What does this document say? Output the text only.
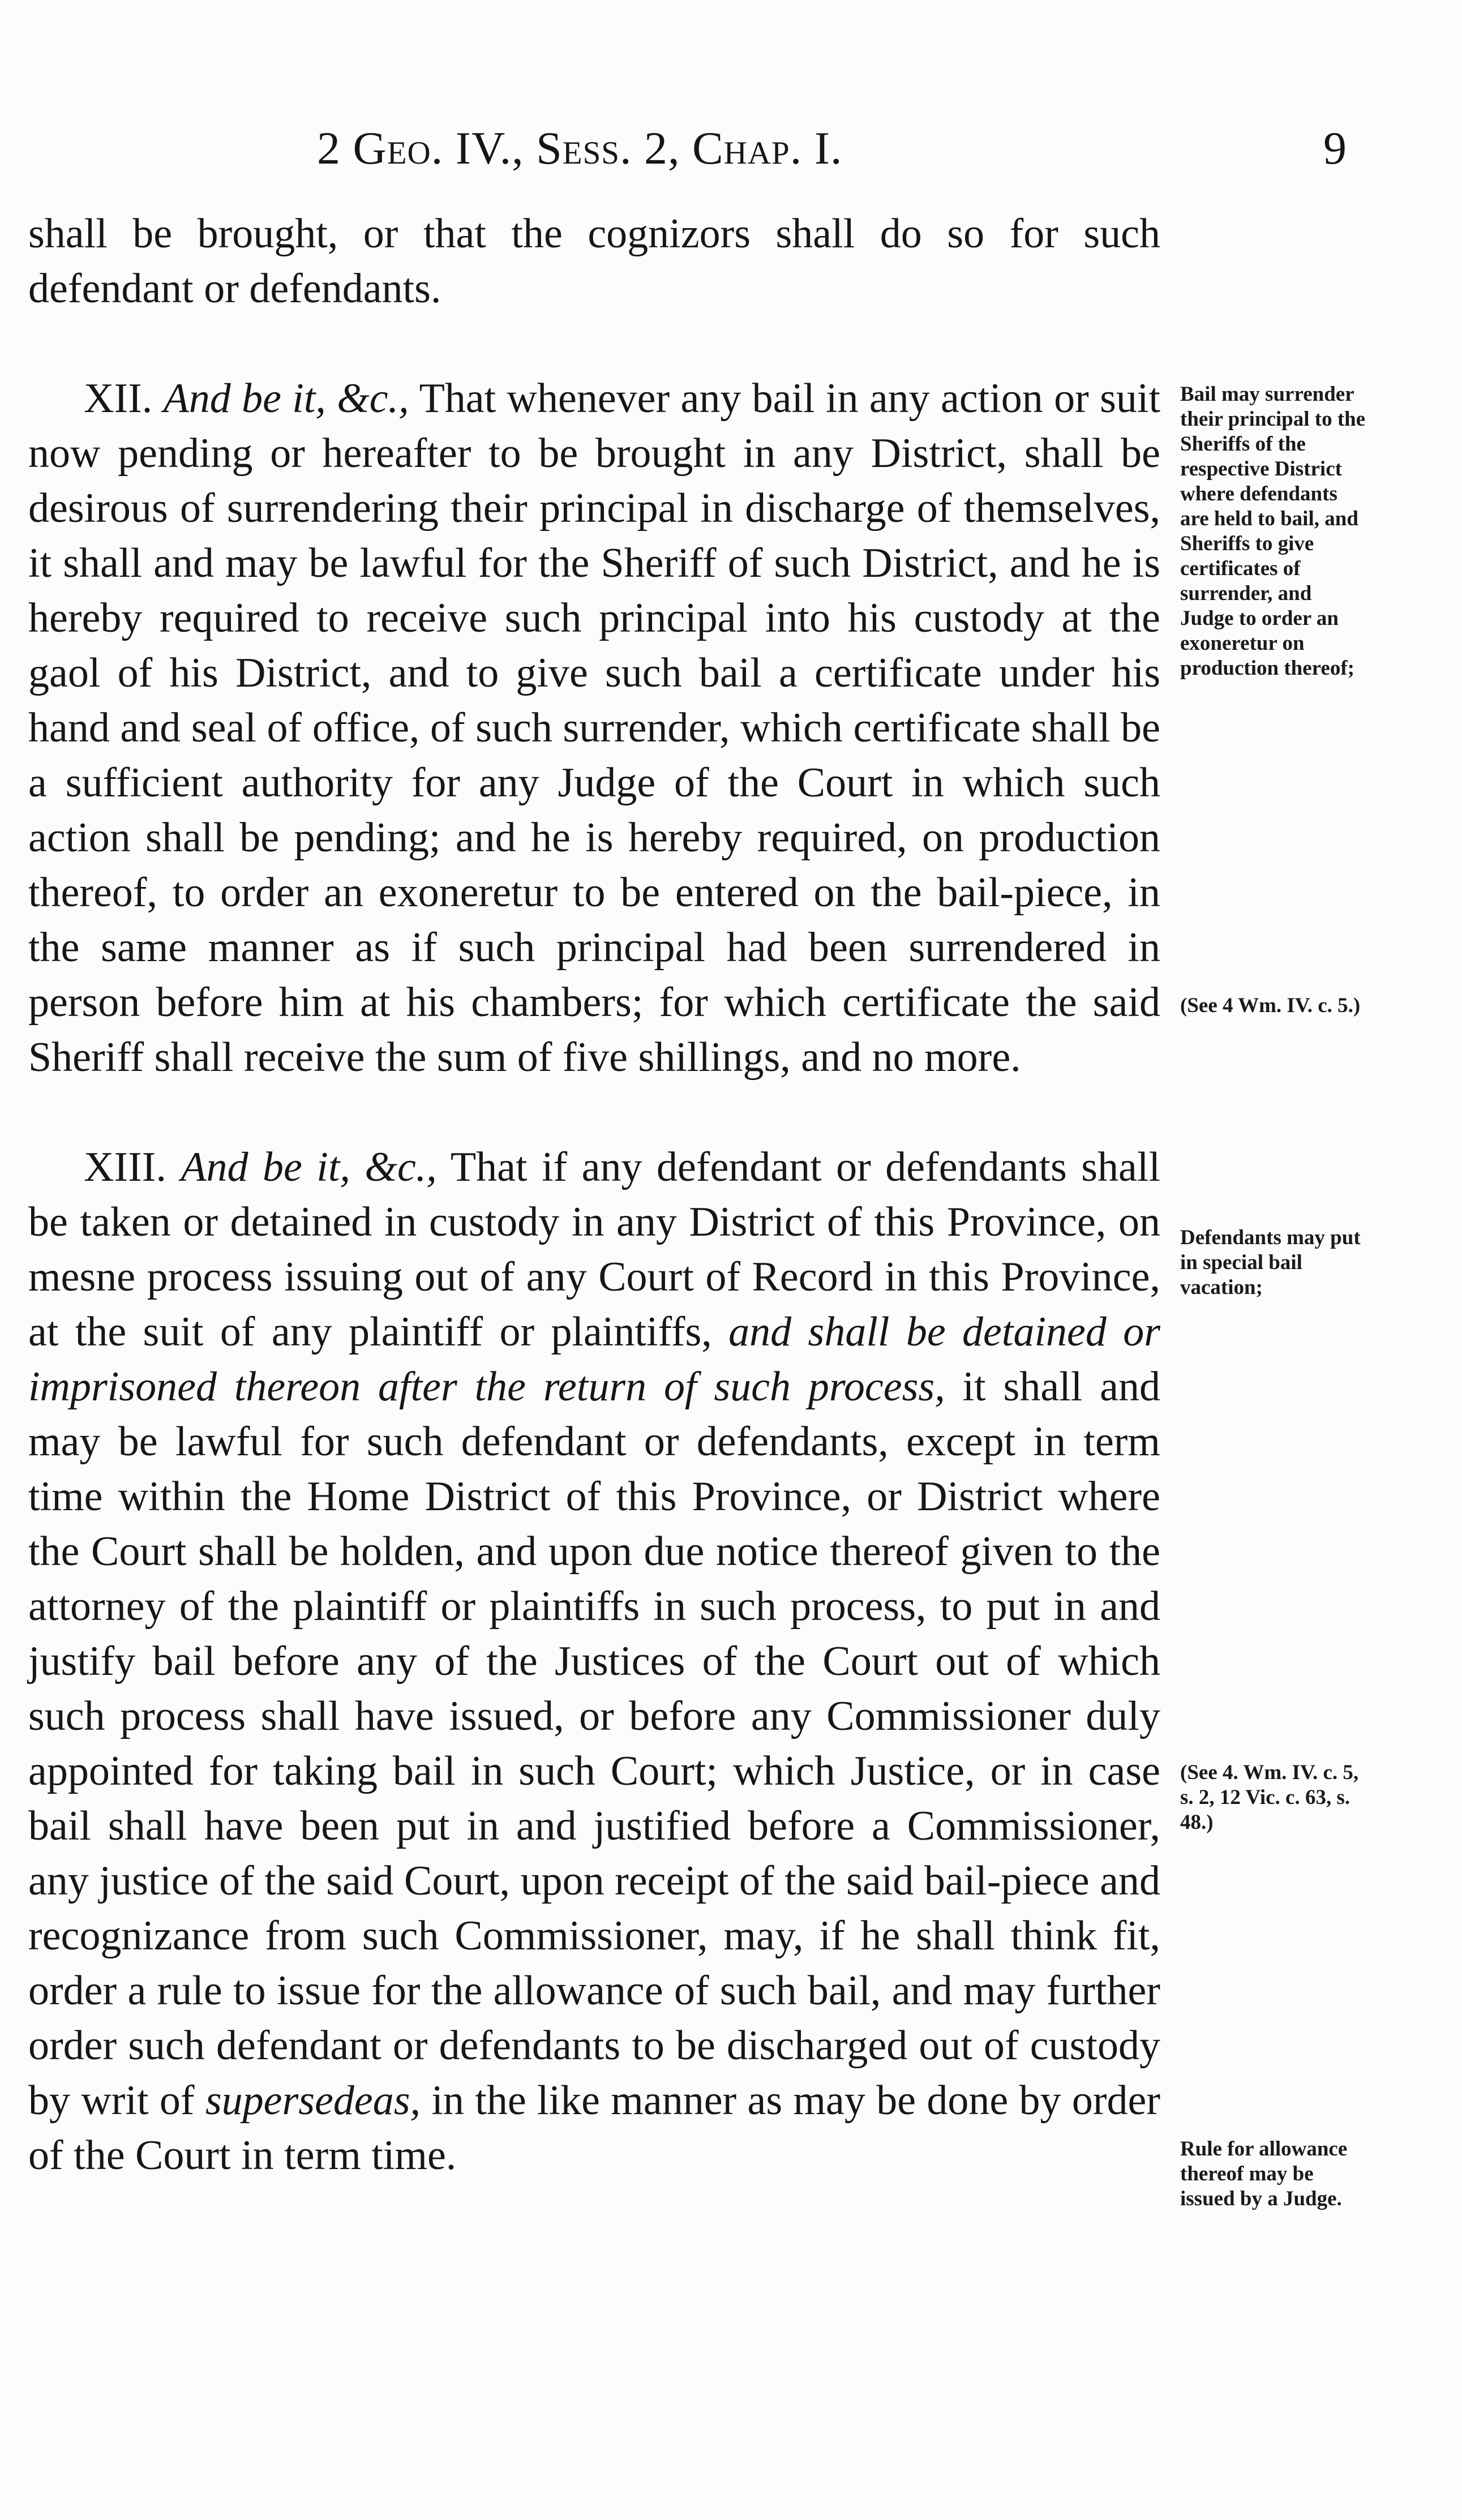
2 Geo. IV., Sess. 2, Chap. I.	9

shall be brought, or that the cognizors shall do so for such defendant or defendants.

XII. And be it, &c., That whenever any bail in any action or suit now pending or hereafter to be brought in any District, shall be desirous of surrendering their principal in discharge of themselves, it shall and may be lawful for the Sheriff of such District, and he is hereby required to receive such principal into his custody at the gaol of his District, and to give such bail a certificate under his hand and seal of office, of such surrender, which certificate shall be a sufficient authority for any Judge of the Court in which such action shall be pending; and he is hereby required, on production thereof, to order an exoneretur to be entered on the bail-piece, in the same manner as if such principal had been surrendered in person before him at his chambers; for which certificate the said Sheriff shall receive the sum of five shillings, and no more.

XIII. And be it, &c., That if any defendant or defendants shall be taken or detained in custody in any District of this Province, on mesne process issuing out of any Court of Record in this Province, at the suit of any plaintiff or plaintiffs, and shall be detained or imprisoned thereon after the return of such process, it shall and may be lawful for such defendant or defendants, except in term time within the Home District of this Province, or District where the Court shall be holden, and upon due notice thereof given to the attorney of the plaintiff or plaintiffs in such process, to put in and justify bail before any of the Justices of the Court out of which such process shall have issued, or before any Commissioner duly appointed for taking bail in such Court; which Justice, or in case bail shall have been put in and justified before a Commissioner, any justice of the said Court, upon receipt of the said bail-piece and recognizance from such Commissioner, may, if he shall think fit, order a rule to issue for the allowance of such bail, and may further order such defendant or defendants to be discharged out of custody by writ of supersedeas, in the like manner as may be done by order of the Court in term time.

Bail may surrender their principal to the Sheriffs of the respective District where defendants are held to bail, and Sheriffs to give certificates of surrender, and Judge to order an exoneretur on production thereof;
(See 4 Wm. IV. c. 5.)
Defendants may put in special bail vacation;
(See 4. Wm. IV. c. 5, s. 2, 12 Vic. c. 63, s. 48.)
Rule for allowance thereof may be issued by a Judge.
